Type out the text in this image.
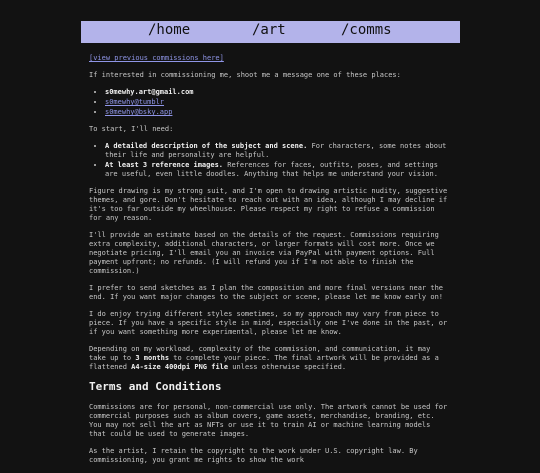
/home	/art	/comms
[view previous commissions here]

If interested in commissioning me, shoot me a message one of these places:

• s0mewhy.art@gmail.com
• s0mewhy@tumblr
• s0mewhy@bsky.app

To start, I'll need:

• A detailed description of the subject and scene. For characters, some notes about their life and personality are helpful.
• At least 3 reference images. References for faces, outfits, poses, and settings are useful, even little doodles. Anything that helps me understand your vision.

Figure drawing is my strong suit, and I'm open to drawing artistic nudity, suggestive themes, and gore. Don't hesitate to reach out with an idea, although I may decline if it's too far outside my wheelhouse. Please respect my right to refuse a commission for any reason.

I'll provide an estimate based on the details of the request. Commissions requiring extra complexity, additional characters, or larger formats will cost more. Once we negotiate pricing, I'll email you an invoice via PayPal with payment options. Full payment upfront; no refunds. (I will refund you if I'm not able to finish the commission.)

I prefer to send sketches as I plan the composition and more final versions near the end. If you want major changes to the subject or scene, please let me know early on!

I do enjoy trying different styles sometimes, so my approach may vary from piece to piece. If you have a specific style in mind, especially one I've done in the past, or if you want something more experimental, please let me know.

Depending on my workload, complexity of the commission, and communication, it may take up to 3 months to complete your piece. The final artwork will be provided as a flattened A4-size 400dpi PNG file unless otherwise specified.

Terms and Conditions

Commissions are for personal, non-commercial use only. The artwork cannot be used for commercial purposes such as album covers, game assets, merchandise, branding, etc. You may not sell the art as NFTs or use it to train AI or machine learning models that could be used to generate images.

As the artist, I retain the copyright to the work under U.S. copyright law. By commissioning, you grant me rights to show the work
